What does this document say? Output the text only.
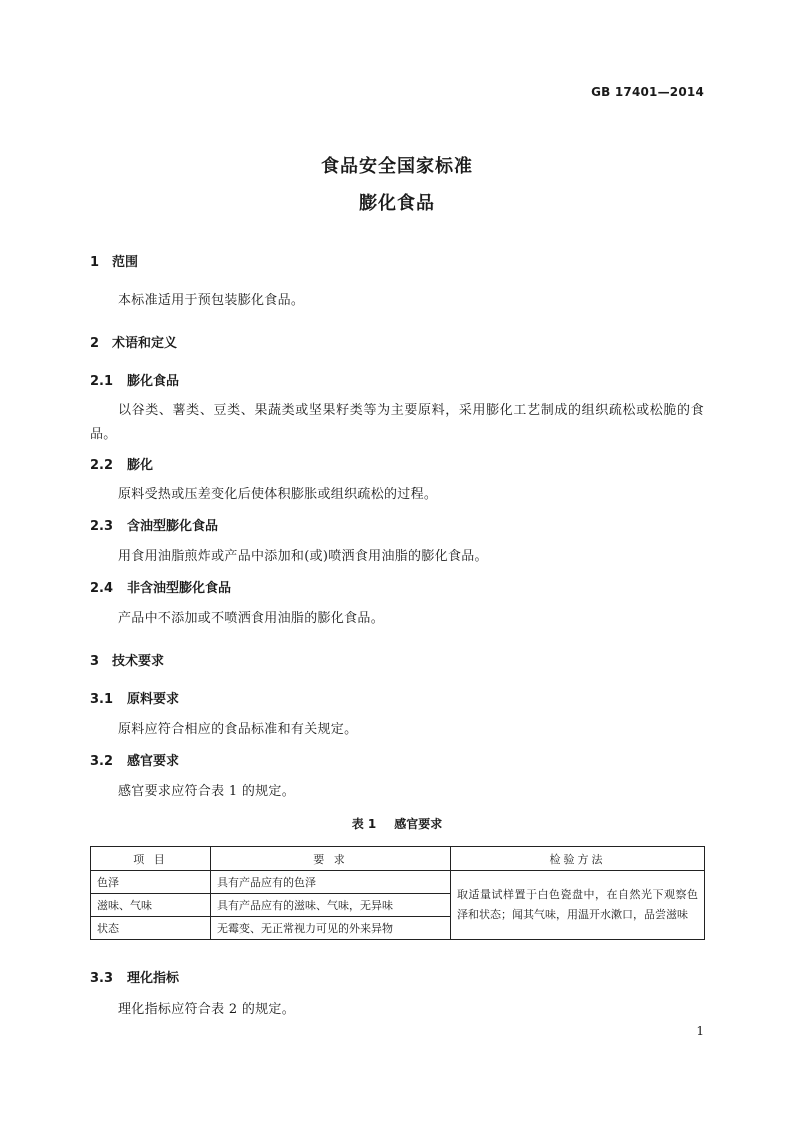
GB 17401—2014
食品安全国家标准
膨化食品
1 范围
本标准适用于预包装膨化食品。
2 术语和定义
2.1 膨化食品
以谷类、薯类、豆类、果蔬类或坚果籽类等为主要原料，采用膨化工艺制成的组织疏松或松脆的食品。
2.2 膨化
原料受热或压差变化后使体积膨胀或组织疏松的过程。
2.3 含油型膨化食品
用食用油脂煎炸或产品中添加和(或)喷洒食用油脂的膨化食品。
2.4 非含油型膨化食品
产品中不添加或不喷洒食用油脂的膨化食品。
3 技术要求
3.1 原料要求
原料应符合相应的食品标准和有关规定。
3.2 感官要求
感官要求应符合表 1 的规定。
表 1 感官要求
项 目	要 求	检验方法
色泽	具有产品应有的色泽	取适量试样置于白色瓷盘中，在自然光下观察色泽和状态；闻其气味，用温开水漱口，品尝滋味
滋味、气味	具有产品应有的滋味、气味，无异味	
状态	无霉变、无正常视力可见的外来异物	
3.3 理化指标
理化指标应符合表 2 的规定。
1
